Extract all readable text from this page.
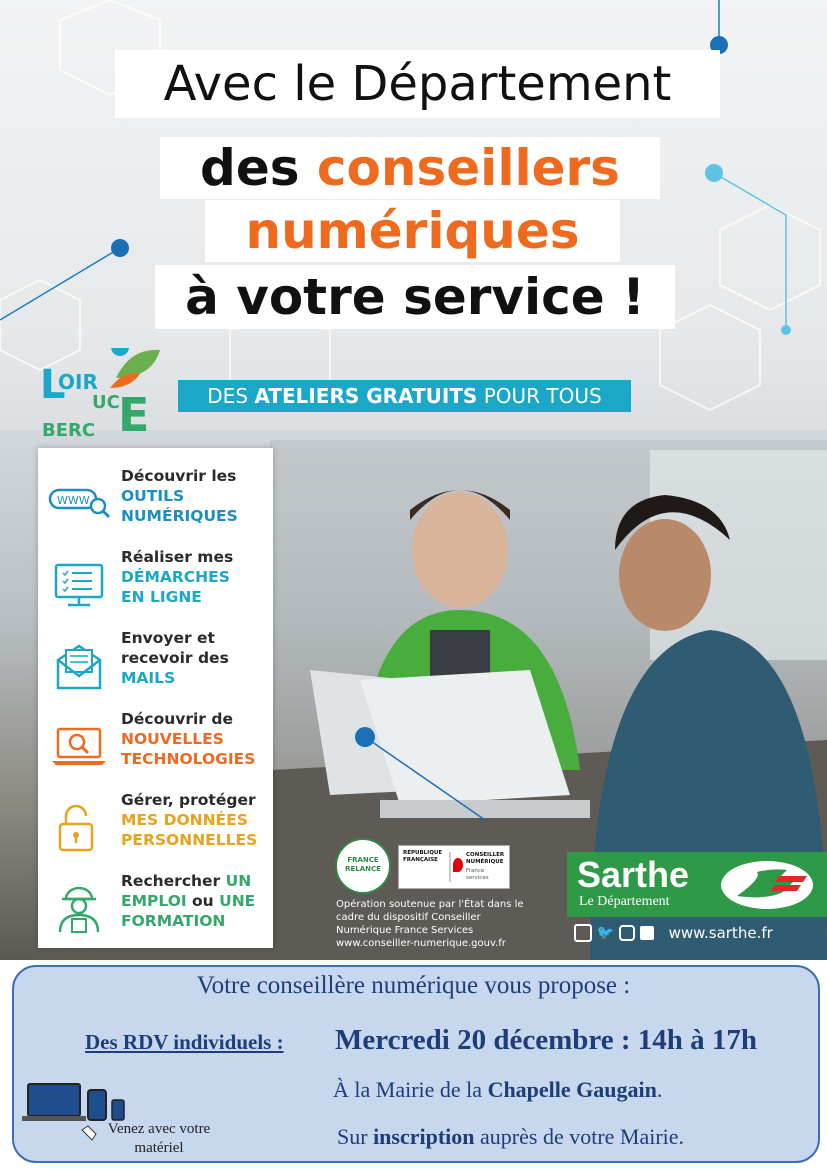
Avec le Département
des conseillers
numériques
à votre service !
L
OIR
UC
BERC E	DES ATELIERS GRATUITS POUR TOUS
WWW
Découvrir les
OUTILS
NUMÉRIQUES
Réaliser mes
DÉMARCHES
EN LIGNE
Envoyer et
recevoir des
MAILS
Découvrir de
NOUVELLES
TECHNOLOGIES
Gérer, protéger
MES DONNÉES
PERSONNELLES
Rechercher UN
EMPLOI ou UNE
FORMATION
FRANCE RELANCE
RÉPUBLIQUE FRANÇAISE
CONSEILLER NUMÉRIQUE
France services
Opération soutenue par l'État dans le cadre du dispositif Conseiller Numérique France Services
www.conseiller-numerique.gouv.fr
Sarthe
Le Département
🐦	www.sarthe.fr
Votre conseillère numérique vous propose :
Des RDV individuels : Mercredi 20 décembre : 14h à 17h
À la Mairie de la Chapelle Gaugain.
Sur inscription auprès de votre Mairie.
Venez avec votre matériel
